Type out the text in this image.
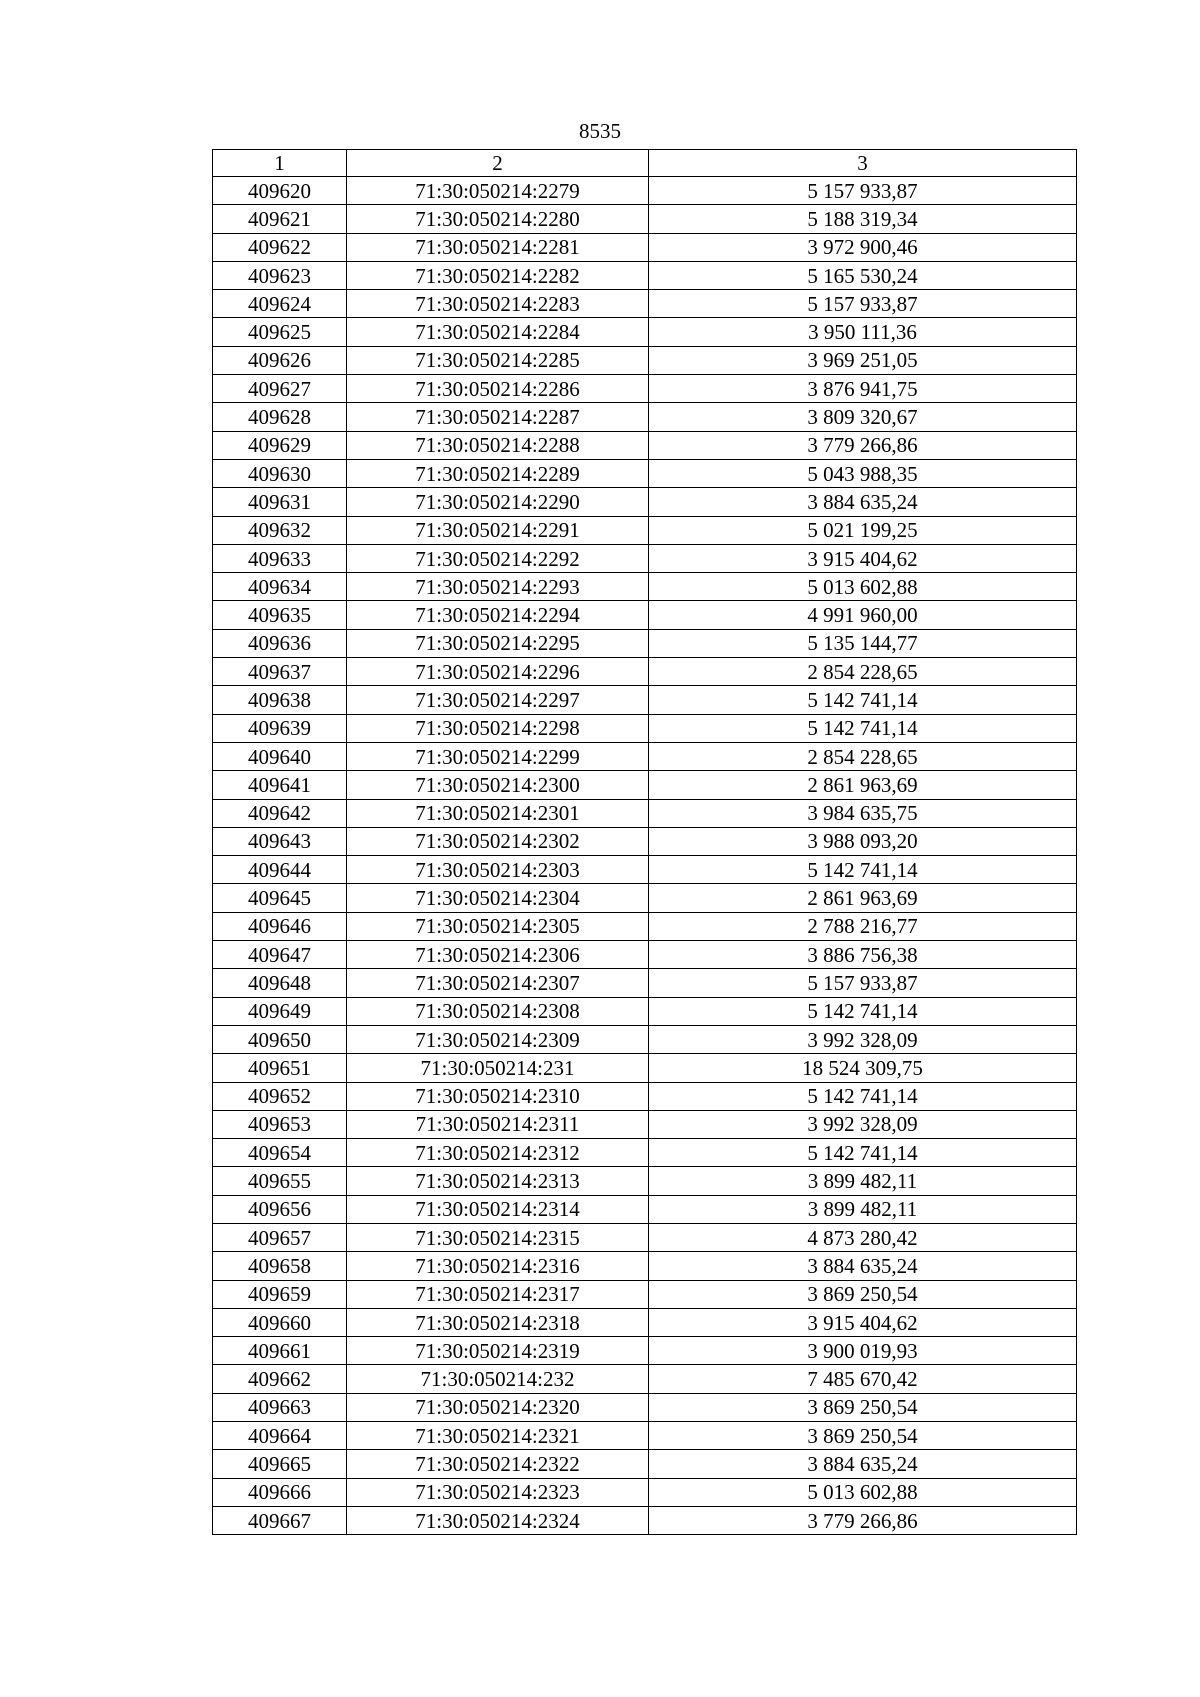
8535
1	2	3
409620	71:30:050214:2279	5 157 933,87
409621	71:30:050214:2280	5 188 319,34
409622	71:30:050214:2281	3 972 900,46
409623	71:30:050214:2282	5 165 530,24
409624	71:30:050214:2283	5 157 933,87
409625	71:30:050214:2284	3 950 111,36
409626	71:30:050214:2285	3 969 251,05
409627	71:30:050214:2286	3 876 941,75
409628	71:30:050214:2287	3 809 320,67
409629	71:30:050214:2288	3 779 266,86
409630	71:30:050214:2289	5 043 988,35
409631	71:30:050214:2290	3 884 635,24
409632	71:30:050214:2291	5 021 199,25
409633	71:30:050214:2292	3 915 404,62
409634	71:30:050214:2293	5 013 602,88
409635	71:30:050214:2294	4 991 960,00
409636	71:30:050214:2295	5 135 144,77
409637	71:30:050214:2296	2 854 228,65
409638	71:30:050214:2297	5 142 741,14
409639	71:30:050214:2298	5 142 741,14
409640	71:30:050214:2299	2 854 228,65
409641	71:30:050214:2300	2 861 963,69
409642	71:30:050214:2301	3 984 635,75
409643	71:30:050214:2302	3 988 093,20
409644	71:30:050214:2303	5 142 741,14
409645	71:30:050214:2304	2 861 963,69
409646	71:30:050214:2305	2 788 216,77
409647	71:30:050214:2306	3 886 756,38
409648	71:30:050214:2307	5 157 933,87
409649	71:30:050214:2308	5 142 741,14
409650	71:30:050214:2309	3 992 328,09
409651	71:30:050214:231	18 524 309,75
409652	71:30:050214:2310	5 142 741,14
409653	71:30:050214:2311	3 992 328,09
409654	71:30:050214:2312	5 142 741,14
409655	71:30:050214:2313	3 899 482,11
409656	71:30:050214:2314	3 899 482,11
409657	71:30:050214:2315	4 873 280,42
409658	71:30:050214:2316	3 884 635,24
409659	71:30:050214:2317	3 869 250,54
409660	71:30:050214:2318	3 915 404,62
409661	71:30:050214:2319	3 900 019,93
409662	71:30:050214:232	7 485 670,42
409663	71:30:050214:2320	3 869 250,54
409664	71:30:050214:2321	3 869 250,54
409665	71:30:050214:2322	3 884 635,24
409666	71:30:050214:2323	5 013 602,88
409667	71:30:050214:2324	3 779 266,86
